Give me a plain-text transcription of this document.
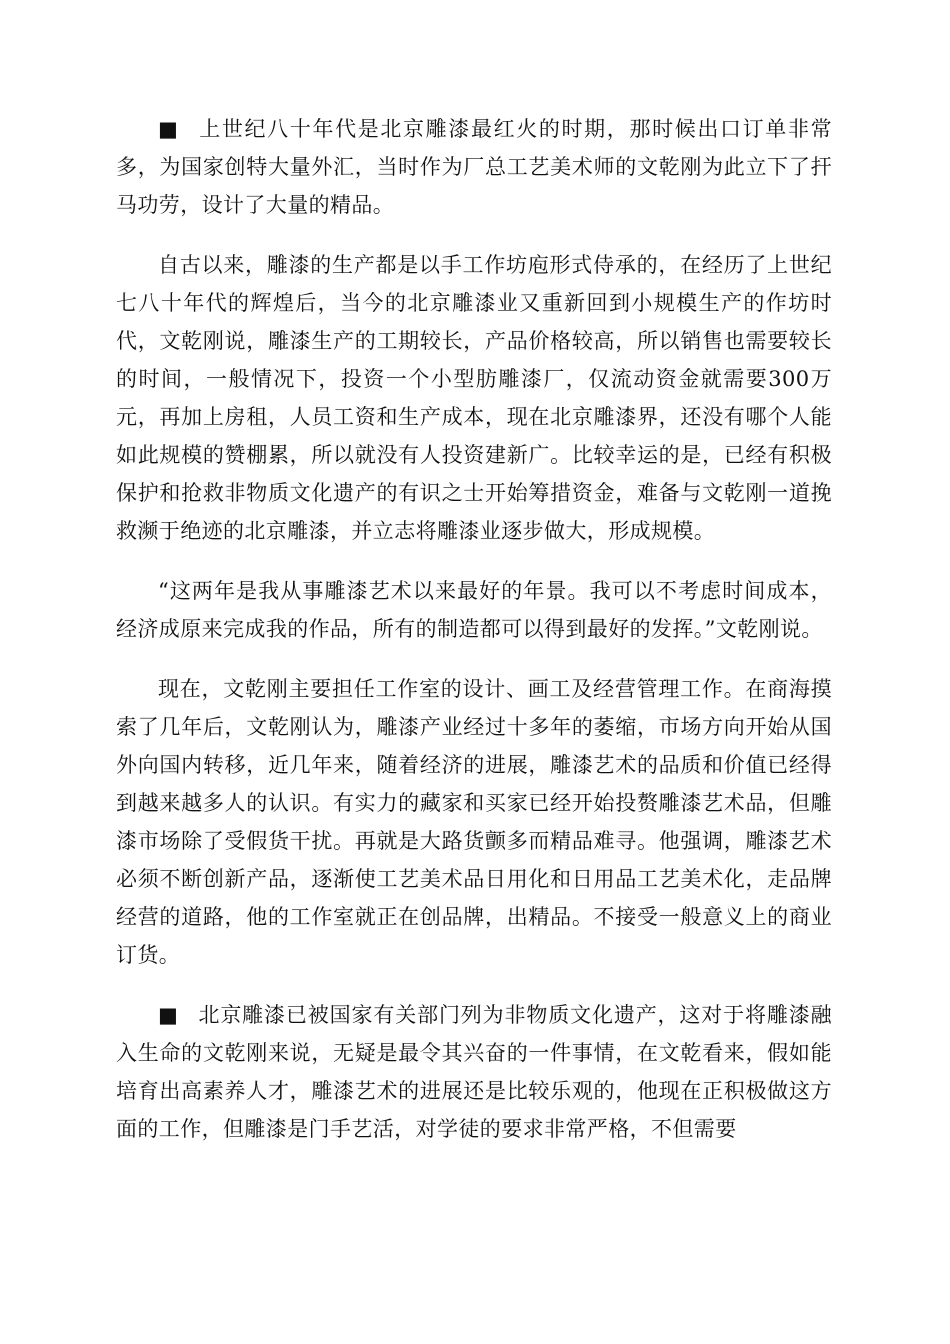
■ 上世纪八十年代是北京雕漆最红火的时期，那时候出口订单非常多，为国家创特大量外汇，当时作为厂总工艺美术师的文乾刚为此立下了扞马功劳，设计了大量的精品。

自古以来，雕漆的生产都是以手工作坊庖形式侍承的，在经历了上世纪七八十年代的辉煌后，当今的北京雕漆业又重新回到小规模生产的作坊时代，文乾刚说，雕漆生产的工期较长，产品价格较高，所以销售也需要较长的时间，一般情况下，投资一个小型肪雕漆厂，仅流动资金就需要300万元，再加上房租，人员工资和生产成本，现在北京雕漆界，还没有哪个人能如此规模的赞棚累，所以就没有人投资建新广。比较幸运的是，已经有积极保护和抢救非物质文化遗产的有识之士开始筹措资金，难备与文乾刚一道挽救濒于绝迹的北京雕漆，并立志将雕漆业逐步做大，形成规模。

“这两年是我从事雕漆艺术以来最好的年景。我可以不考虑时间成本，经济成原来完成我的作品，所有的制造都可以得到最好的发挥。”文乾刚说。

现在，文乾刚主要担任工作室的设计、画工及经营管理工作。在商海摸索了几年后，文乾刚认为，雕漆产业经过十多年的萎缩，市场方向开始从国外向国内转移，近几年来，随着经济的进展，雕漆艺术的品质和价值已经得到越来越多人的认识。有实力的藏家和买家已经开始投赘雕漆艺术品，但雕漆市场除了受假货干扰。再就是大路货颤多而精品难寻。他强调，雕漆艺术必须不断创新产品，逐渐使工艺美术品日用化和日用品工艺美术化，走品牌经营的道路，他的工作室就正在创品牌，出精品。不接受一般意义上的商业订货。

■ 北京雕漆已被国家有关部门列为非物质文化遗产，这对于将雕漆融入生命的文乾刚来说，无疑是最令其兴奋的一件事情，在文乾看来，假如能培育出高素养人才，雕漆艺术的进展还是比较乐观的，他现在正积极做这方面的工作，但雕漆是门手艺活，对学徒的要求非常严格，不但需要
